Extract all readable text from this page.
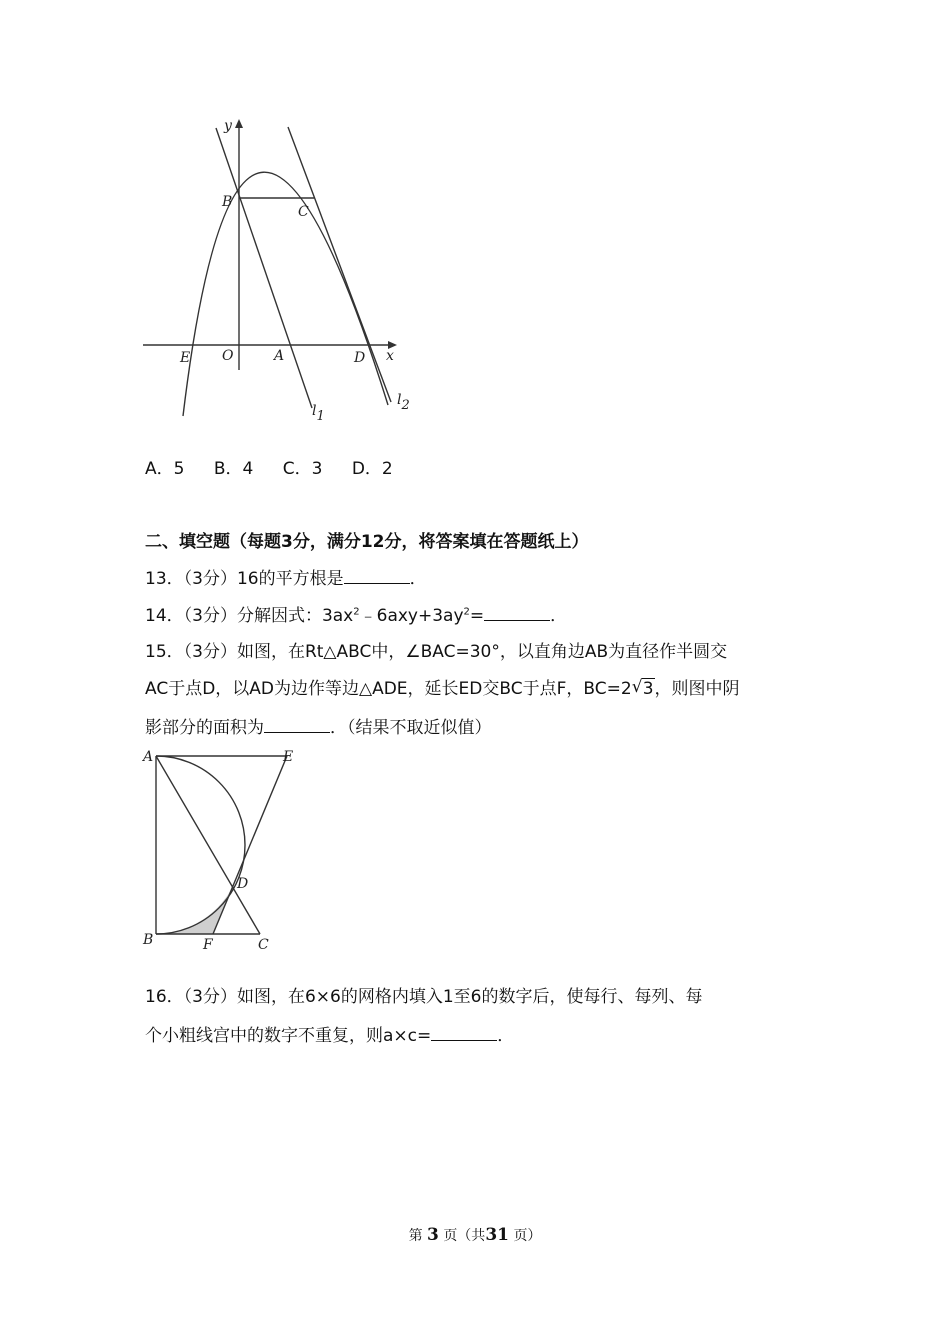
y
B
C
E O	A	D x
l1
l2
A．5 B．4 C．3 D．2
二、填空题（每题3分，满分12分，将答案填在答题纸上）
13．（3分）16的平方根是	．
14．（3分）分解因式：$3ax^2﹣6axy+3ay^2=$	．
15．（3分）如图，在Rt△ABC中，∠BAC=30°，以直角边AB为直径作半圆交
AC于点D，以AD为边作等边△ADE，延长ED交BC于点F，BC=2 √ 3，则图中阴
影部分的面积为	．（结果不取近似值）
A	E
D
B	F	C
16．（3分）如图，在6×6的网格内填入1至6的数字后，使每行、每列、每
个小粗线宫中的数字不重复，则a×c=	．
第 3 页（共31 页）
